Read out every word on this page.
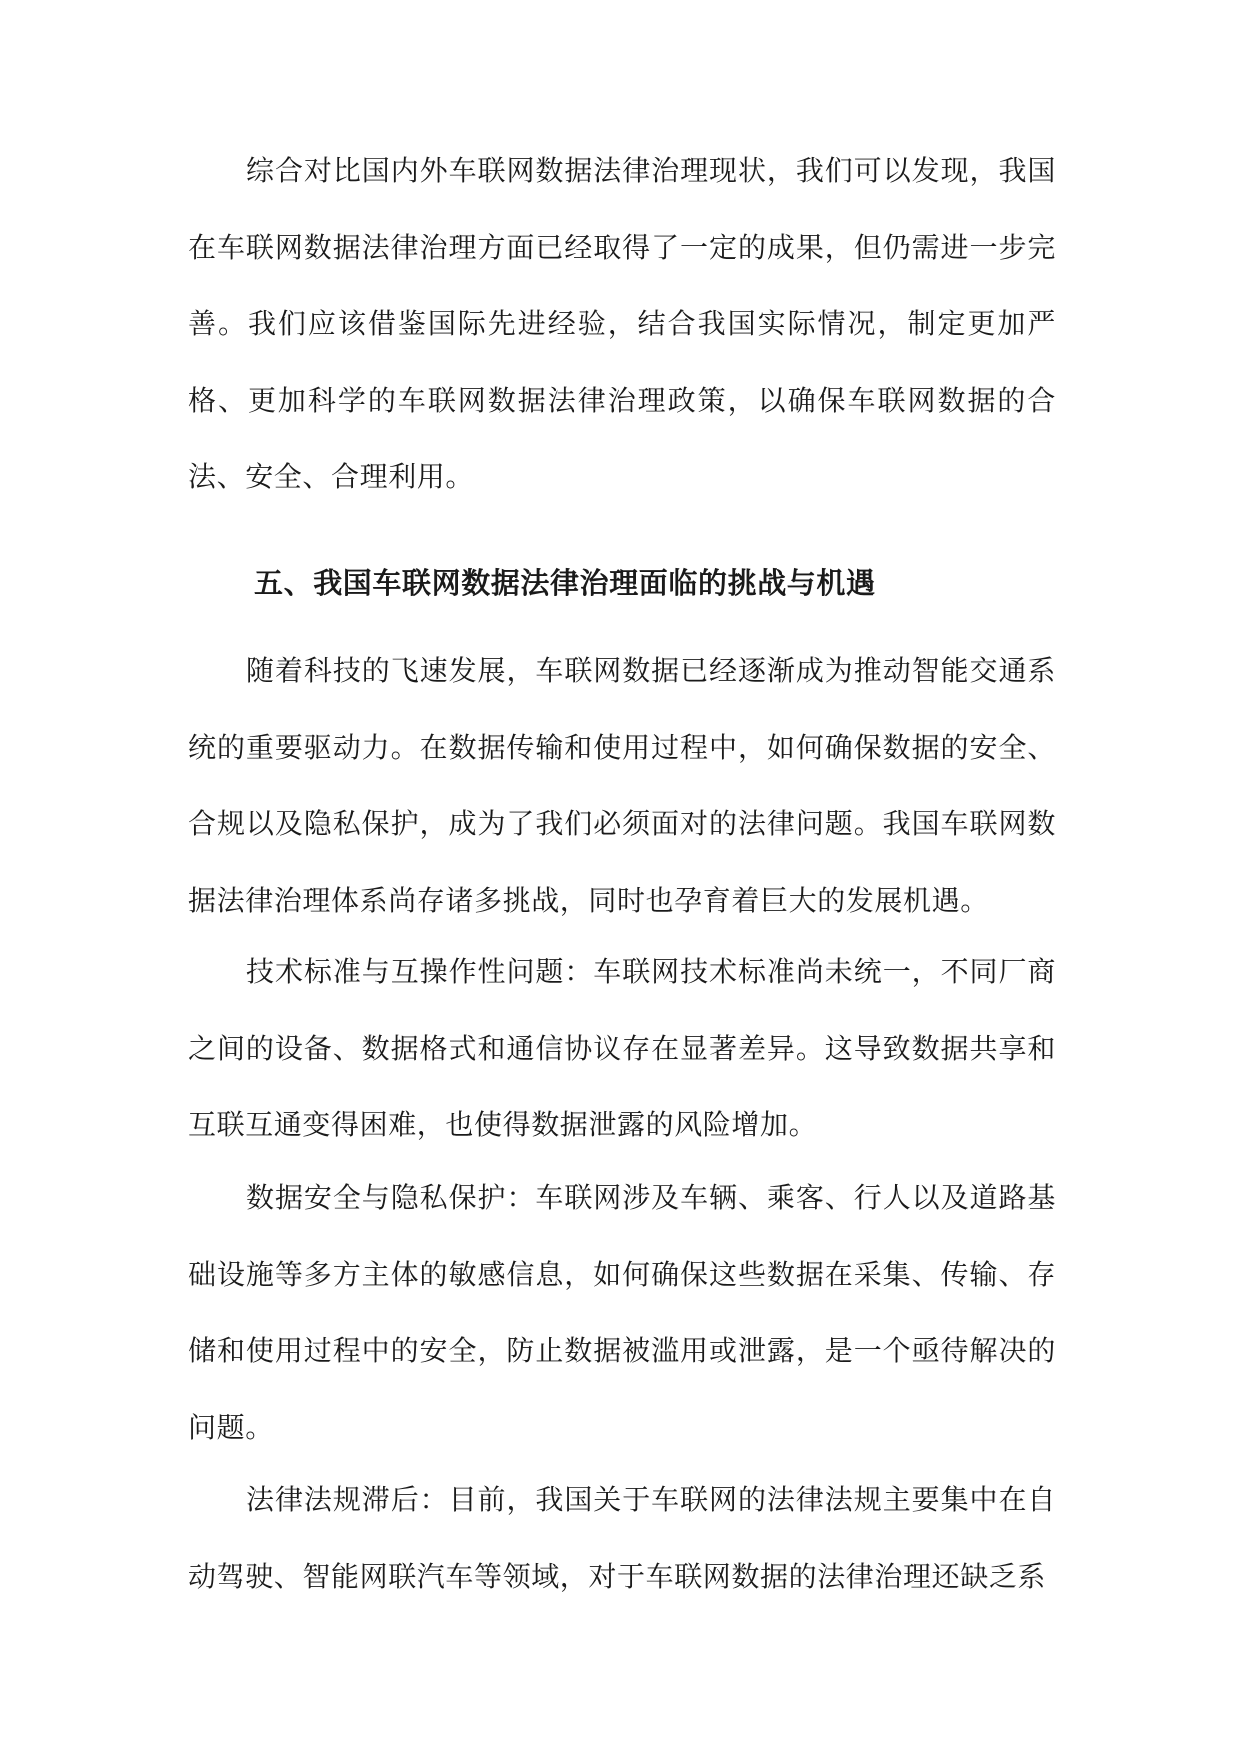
综合对比国内外车联网数据法律治理现状，我们可以发现，我国在车联网数据法律治理方面已经取得了一定的成果，但仍需进一步完善。我们应该借鉴国际先进经验，结合我国实际情况，制定更加严格、更加科学的车联网数据法律治理政策，以确保车联网数据的合法、安全、合理利用。

五、我国车联网数据法律治理面临的挑战与机遇

随着科技的飞速发展，车联网数据已经逐渐成为推动智能交通系统的重要驱动力。在数据传输和使用过程中，如何确保数据的安全、合规以及隐私保护，成为了我们必须面对的法律问题。我国车联网数据法律治理体系尚存诸多挑战，同时也孕育着巨大的发展机遇。

技术标准与互操作性问题：车联网技术标准尚未统一，不同厂商之间的设备、数据格式和通信协议存在显著差异。这导致数据共享和互联互通变得困难，也使得数据泄露的风险增加。

数据安全与隐私保护：车联网涉及车辆、乘客、行人以及道路基础设施等多方主体的敏感信息，如何确保这些数据在采集、传输、存储和使用过程中的安全，防止数据被滥用或泄露，是一个亟待解决的问题。

法律法规滞后：目前，我国关于车联网的法律法规主要集中在自动驾驶、智能网联汽车等领域，对于车联网数据的法律治理还缺乏系
